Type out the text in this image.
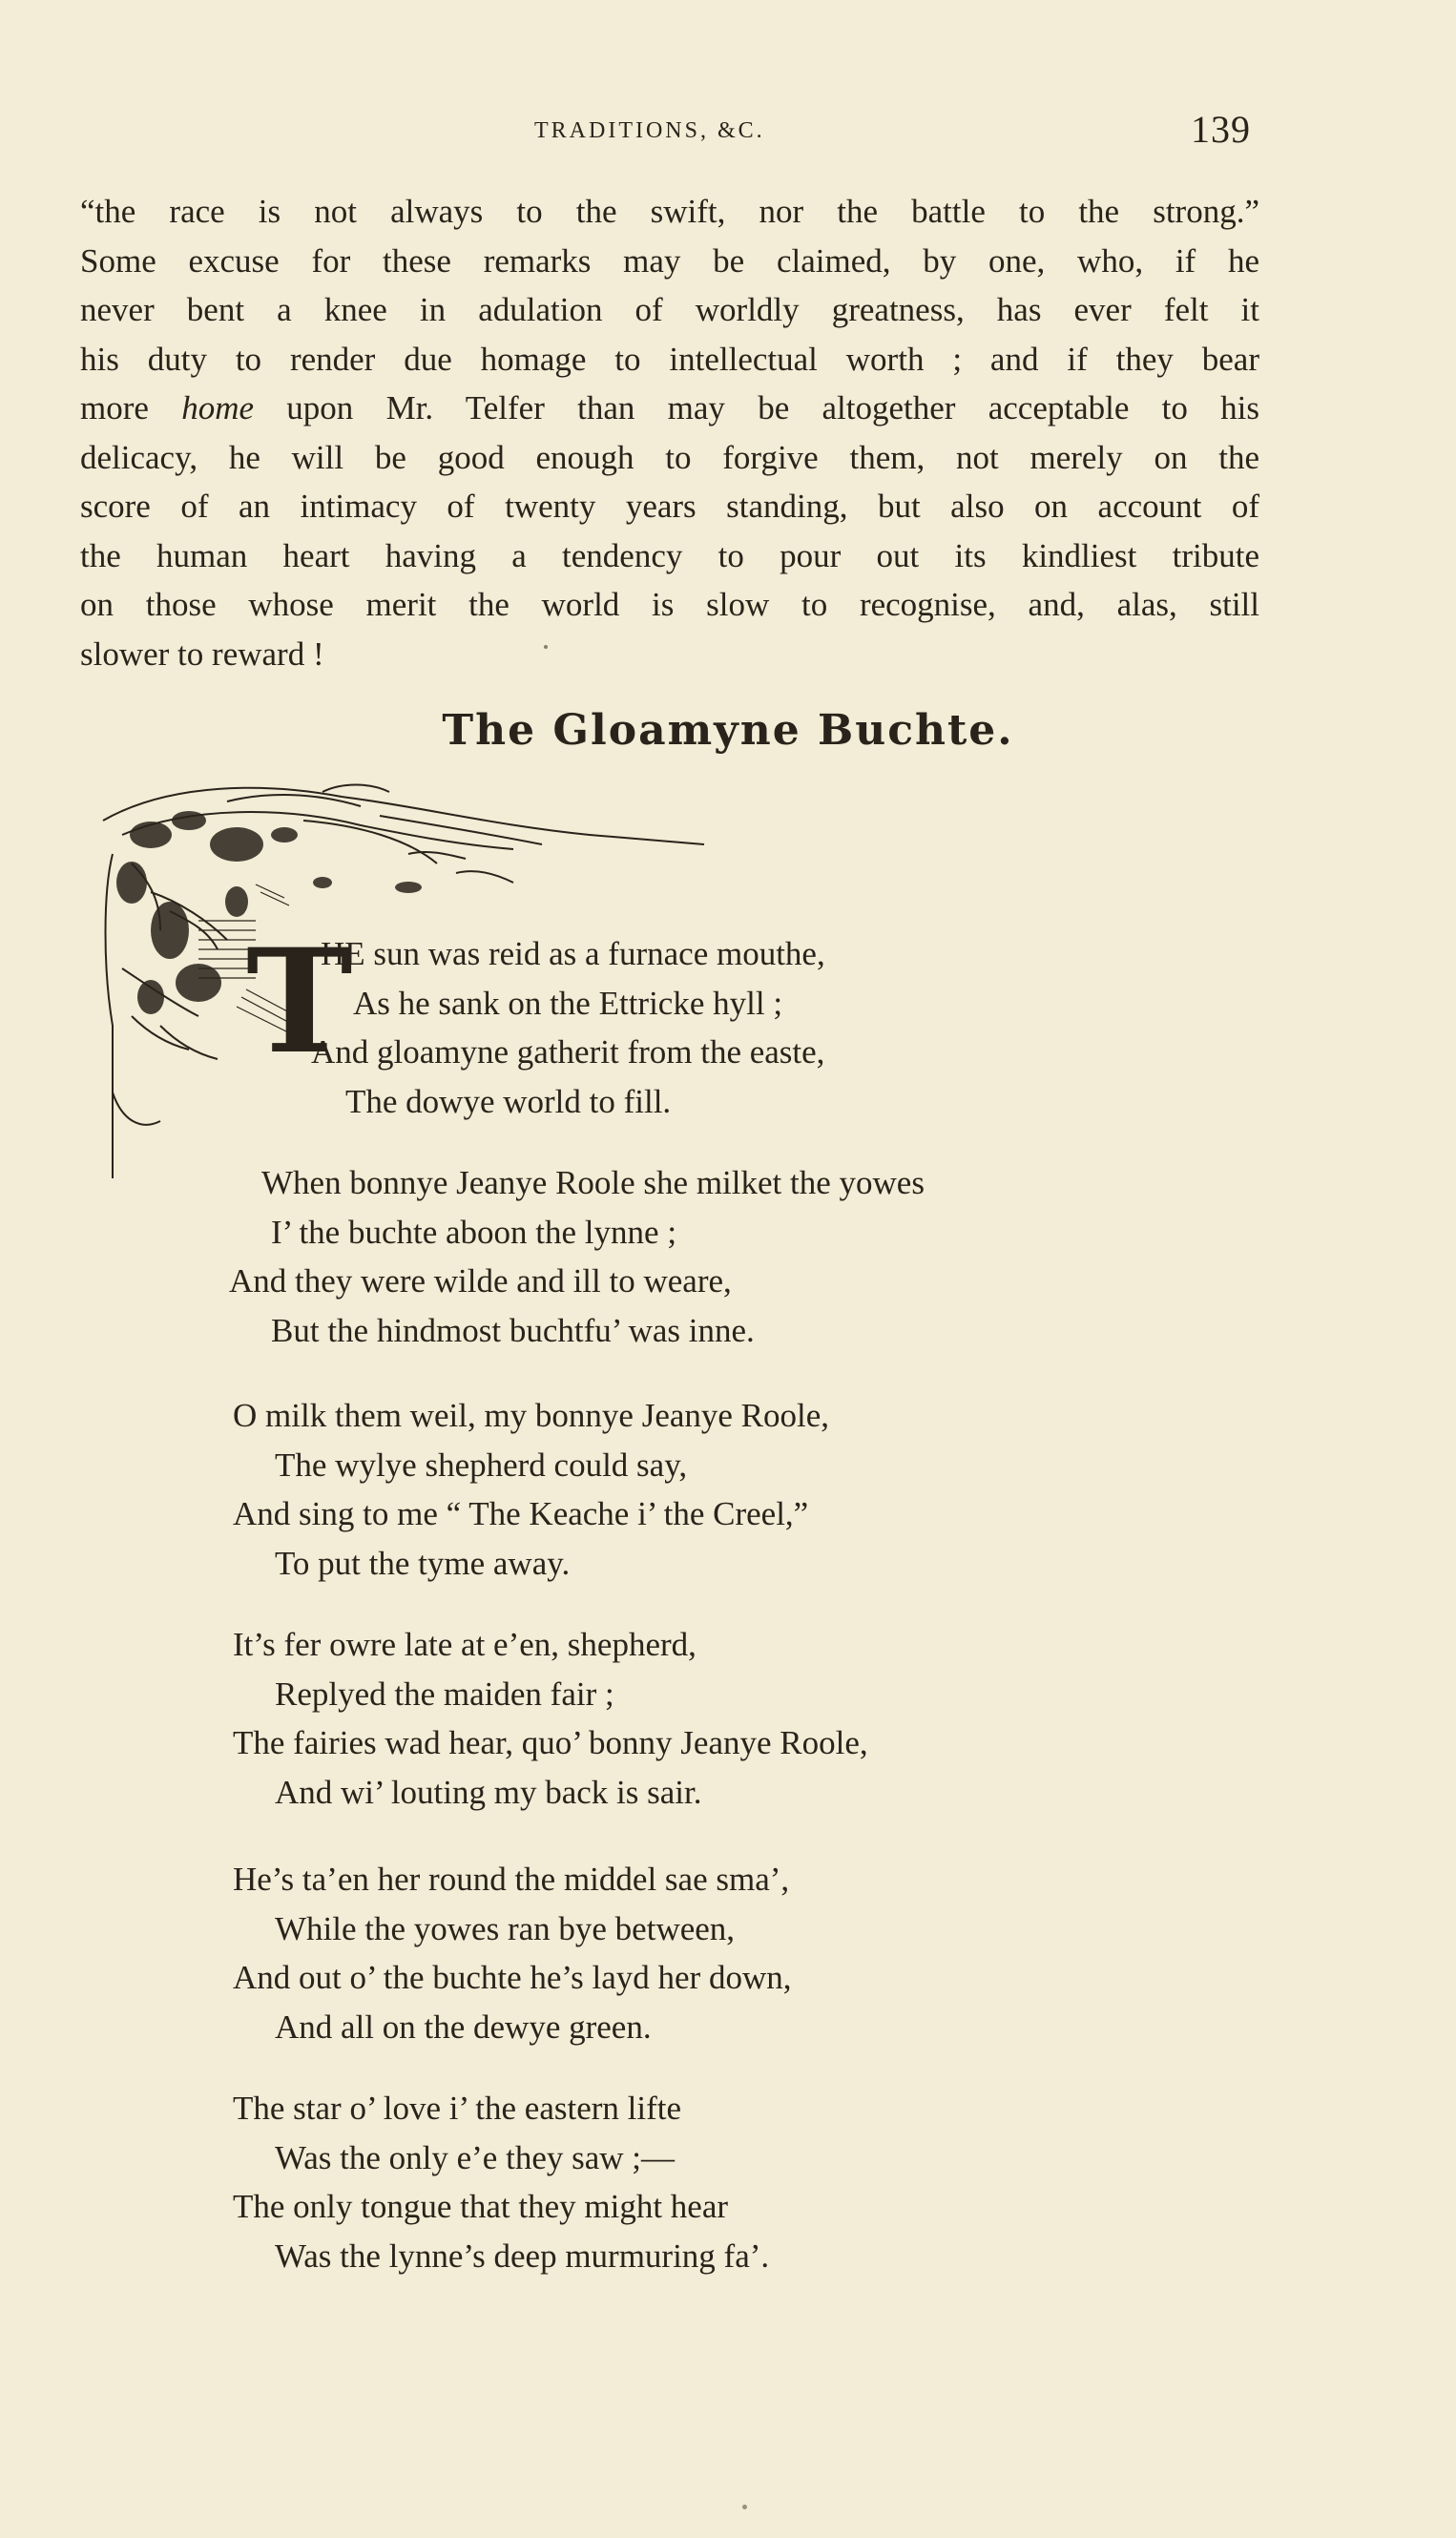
TRADITIONS, &C.	139
“the race is not always to the swift, nor the battle to the strong.”
Some excuse for these remarks may be claimed, by one, who, if he
never bent a knee in adulation of worldly greatness, has ever felt it
his duty to render due homage to intellectual worth ; and if they bear
more home upon Mr. Telfer than may be altogether acceptable to his
delicacy, he will be good enough to forgive them, not merely on the
score of an intimacy of twenty years standing, but also on account of
the human heart having a tendency to pour out its kindliest tribute
on those whose merit the world is slow to recognise, and, alas, still
slower to reward !
The Gloamyne Buchte.
T
HE sun was reid as a furnace mouthe,
As he sank on the Ettricke hyll ;
And gloamyne gatherit from the easte,
The dowye world to fill.
When bonnye Jeanye Roole she milket the yowes
I’ the buchte aboon the lynne ;
And they were wilde and ill to weare,
But the hindmost buchtfu’ was inne.
O milk them weil, my bonnye Jeanye Roole,
The wylye shepherd could say,
And sing to me “ The Keache i’ the Creel,”
To put the tyme away.
It’s fer owre late at e’en, shepherd,
Replyed the maiden fair ;
The fairies wad hear, quo’ bonny Jeanye Roole,
And wi’ louting my back is sair.
He’s ta’en her round the middel sae sma’,
While the yowes ran bye between,
And out o’ the buchte he’s layd her down,
And all on the dewye green.
The star o’ love i’ the eastern lifte
Was the only e’e they saw ;—
The only tongue that they might hear
Was the lynne’s deep murmuring fa’.
